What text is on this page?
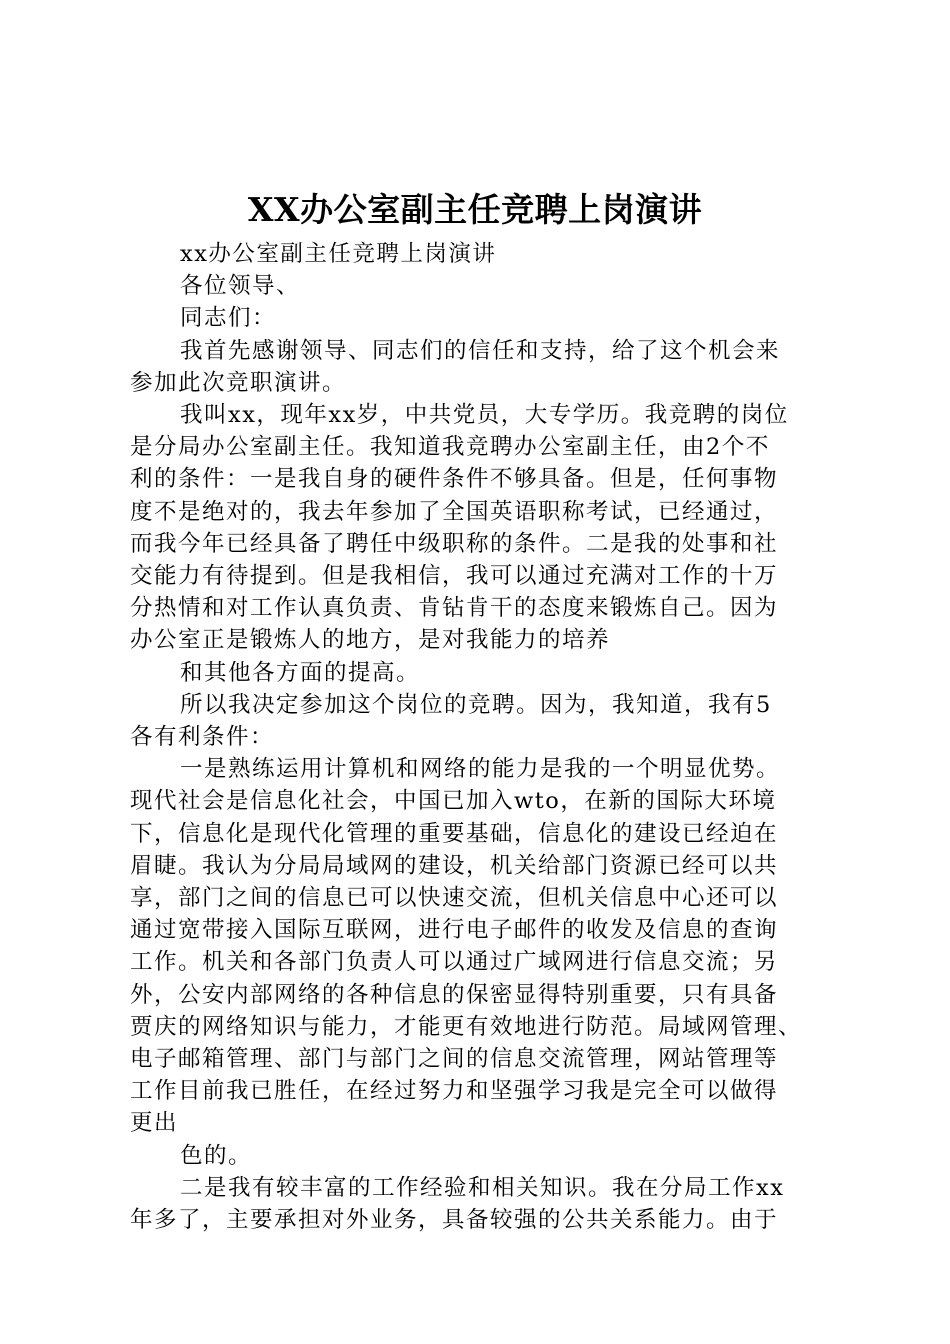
XX办公室副主任竞聘上岗演讲

xx办公室副主任竞聘上岗演讲

各位领导、

同志们：

我首先感谢领导、同志们的信任和支持，给了这个机会来

参加此次竞职演讲。

我叫xx，现年xx岁，中共党员，大专学历。我竞聘的岗位

是分局办公室副主任。我知道我竞聘办公室副主任，由2个不

利的条件：一是我自身的硬件条件不够具备。但是，任何事物

度不是绝对的，我去年参加了全国英语职称考试，已经通过，

而我今年已经具备了聘任中级职称的条件。二是我的处事和社

交能力有待提到。但是我相信，我可以通过充满对工作的十万

分热情和对工作认真负责、肯钻肯干的态度来锻炼自己。因为

办公室正是锻炼人的地方，是对我能力的培养

和其他各方面的提高。

所以我决定参加这个岗位的竞聘。因为，我知道，我有5

各有利条件：

一是熟练运用计算机和网络的能力是我的一个明显优势。

现代社会是信息化社会，中国已加入wto，在新的国际大环境

下，信息化是现代化管理的重要基础，信息化的建设已经迫在

眉睫。我认为分局局域网的建设，机关给部门资源已经可以共

享，部门之间的信息已可以快速交流，但机关信息中心还可以

通过宽带接入国际互联网，进行电子邮件的收发及信息的查询

工作。机关和各部门负责人可以通过广域网进行信息交流；另

外，公安内部网络的各种信息的保密显得特别重要，只有具备

贾庆的网络知识与能力，才能更有效地进行防范。局域网管理、

电子邮箱管理、部门与部门之间的信息交流管理，网站管理等

工作目前我已胜任，在经过努力和坚强学习我是完全可以做得

更出

色的。

二是我有较丰富的工作经验和相关知识。我在分局工作xx

年多了，主要承担对外业务，具备较强的公共关系能力。由于
